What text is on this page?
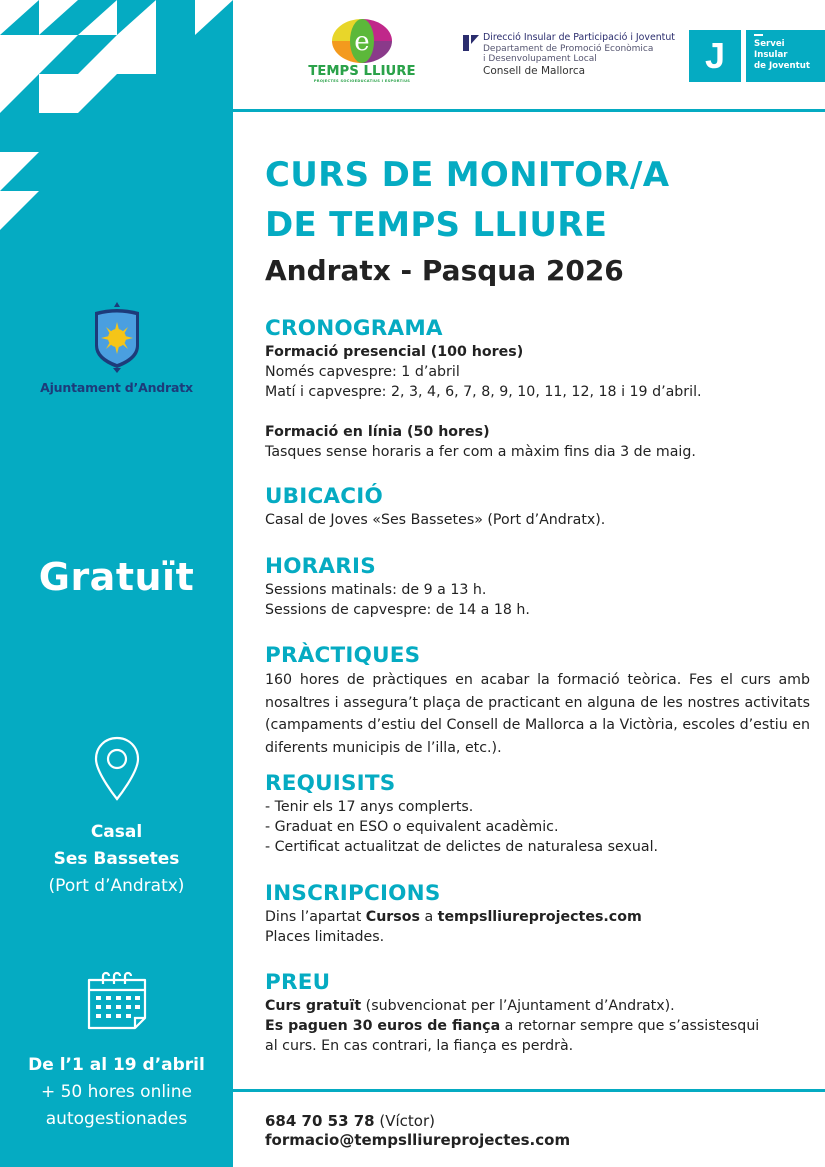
Ajuntament d’Andratx
Gratuït
Casal
Ses Bassetes
(Port d’Andratx)
De l’1 al 19 d’abril
+ 50 hores online
autogestionades
e
TEMPS LLIURE
PROJECTES SOCIOEDUCATIUS I ESPORTIUS
Direcció Insular de Participació i Joventut
Departament de Promoció Econòmica
i Desenvolupament Local
Consell de Mallorca	J	Servei
Insular
de Joventut
CURS DE MONITOR/A
DE TEMPS LLIURE
Andratx - Pasqua 2026
CRONOGRAMA
Formació presencial (100 hores)
Només capvespre: 1 d’abril
Matí i capvespre: 2, 3, 4, 6, 7, 8, 9, 10, 11, 12, 18 i 19 d’abril.
Formació en línia (50 hores)
Tasques sense horaris a fer com a màxim fins dia 3 de maig.
UBICACIÓ
Casal de Joves «Ses Bassetes» (Port d’Andratx).
HORARIS
Sessions matinals: de 9 a 13 h.
Sessions de capvespre: de 14 a 18 h.
PRÀCTIQUES
160 hores de pràctiques en acabar la formació teòrica. Fes el curs amb nosaltres i assegura’t plaça de practicant en alguna de les nostres activitats (campaments d’estiu del Consell de Mallorca a la Victòria, escoles d’estiu en diferents municipis de l’illa, etc.).
REQUISITS
- Tenir els 17 anys complerts.
- Graduat en ESO o equivalent acadèmic.
- Certificat actualitzat de delictes de naturalesa sexual.
INSCRIPCIONS
Dins l’apartat Cursos a tempslliureprojectes.com
Places limitades.
PREU
Curs gratuït (subvencionat per l’Ajuntament d’Andratx).
Es paguen 30 euros de fiança a retornar sempre que s’assistesqui
al curs. En cas contrari, la fiança es perdrà.
684 70 53 78 (Víctor)
formacio@tempslliureprojectes.com
